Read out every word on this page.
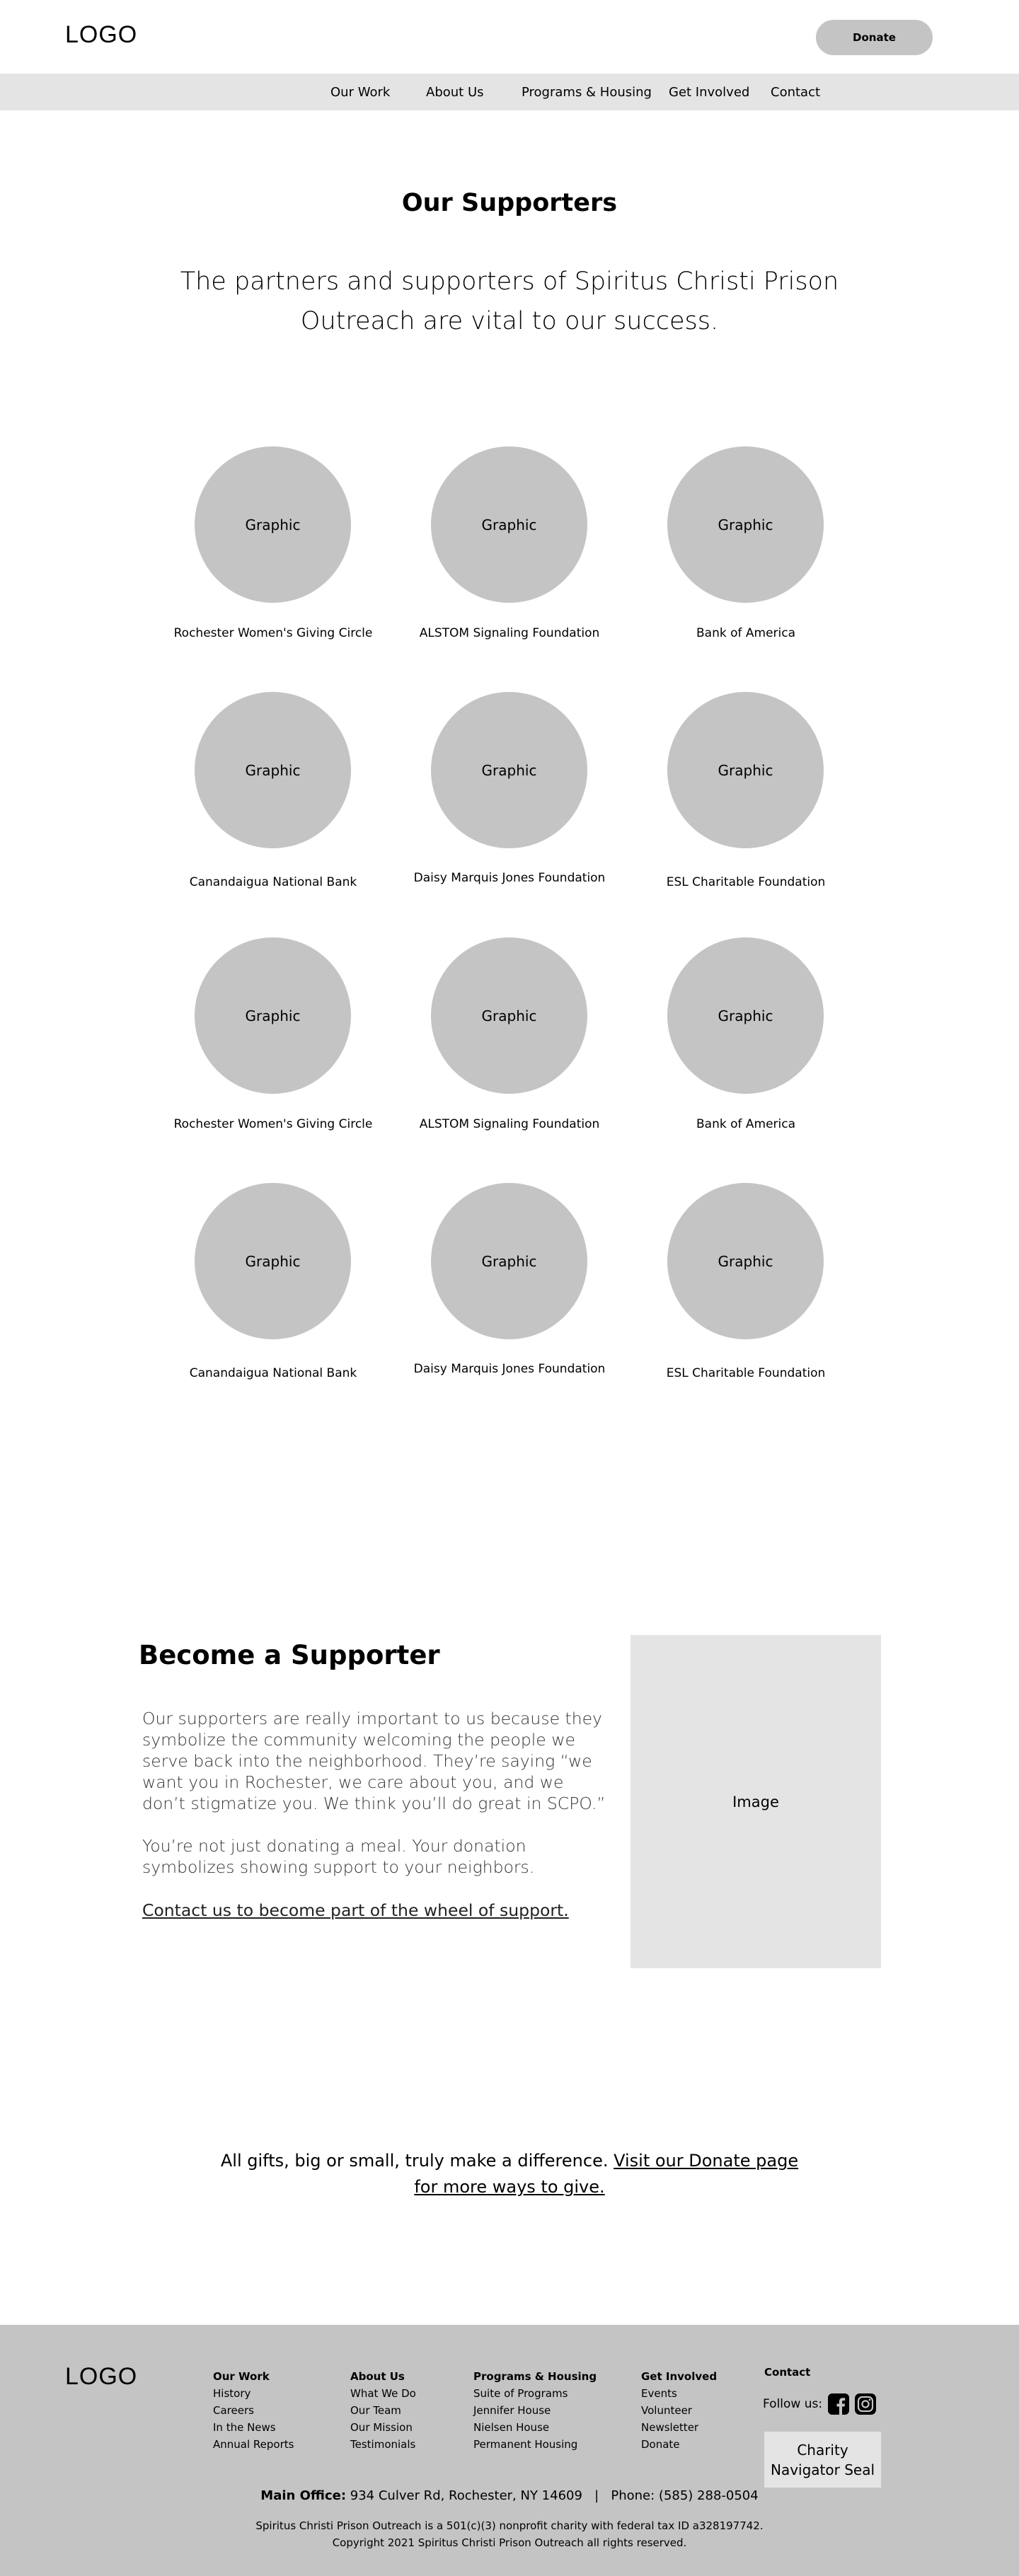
LOGO	Donate
Our Work	About Us	Programs & Housing Get Involved Contact
Our Supporters

The partners and supporters of Spiritus Christi Prison Outreach are vital to our success.

Graphic
Rochester Women's Giving Circle
Graphic
ALSTOM Signaling Foundation
Graphic
Bank of America
Graphic
Canandaigua National Bank
Graphic
Daisy Marquis Jones Foundation
Graphic
ESL Charitable Foundation
Graphic
Rochester Women's Giving Circle
Graphic
ALSTOM Signaling Foundation
Graphic
Bank of America
Graphic
Canandaigua National Bank
Graphic
Daisy Marquis Jones Foundation
Graphic
ESL Charitable Foundation
Become a Supporter

Our supporters are really important to us because they symbolize the community welcoming the people we serve back into the neighborhood. They’re saying “we want you in Rochester, we care about you, and we don’t stigmatize you. We think you’ll do great in SCPO.”

You’re not just donating a meal. Your donation symbolizes showing support to your neighbors.

Contact us to become part of the wheel of support.
Image
All gifts, big or small, truly make a difference. Visit our Donate page for more ways to give.
LOGO	Our Work
History
Careers
In the News
Annual Reports
About Us
What We Do
Our Team
Our Mission
Testimonials
Programs & Housing
Suite of Programs
Jennifer House
Nielsen House
Permanent Housing
Get Involved
Events
Volunteer
Newsletter
Donate
Contact
Follow us:
Charity Navigator Seal
Main Office: 934 Culver Rd, Rochester, NY 14609 | Phone: (585) 288-0504
Spiritus Christi Prison Outreach is a 501(c)(3) nonprofit charity with federal tax ID a328197742.
Copyright 2021 Spiritus Christi Prison Outreach all rights reserved.
